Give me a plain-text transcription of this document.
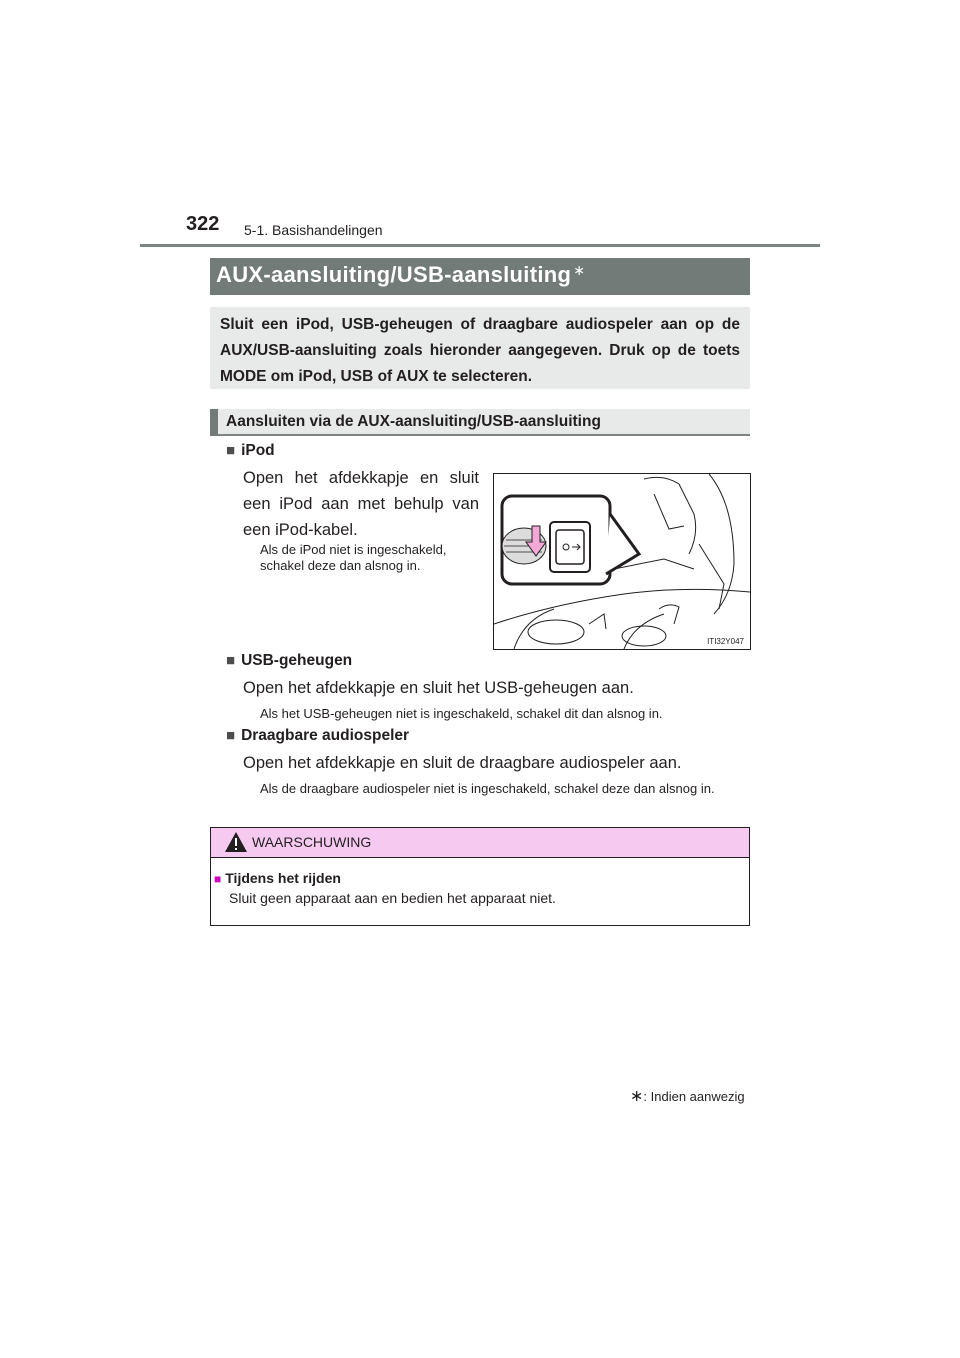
322 5-1. Basishandelingen
AUX-aansluiting/USB-aansluiting ∗
Sluit een iPod, USB-geheugen of draagbare audiospeler aan op de AUX/USB-aansluiting zoals hieronder aangegeven. Druk op de toets MODE om iPod, USB of AUX te selecteren.
Aansluiten via de AUX-aansluiting/USB-aansluiting
■ iPod
Open het afdekkapje en sluit een iPod aan met behulp van een iPod-kabel.
Als de iPod niet is ingeschakeld, schakel deze dan alsnog in.
ITI32Y047
■ USB-geheugen
Open het afdekkapje en sluit het USB-geheugen aan.
Als het USB-geheugen niet is ingeschakeld, schakel dit dan alsnog in.
■ Draagbare audiospeler
Open het afdekkapje en sluit de draagbare audiospeler aan.
Als de draagbare audiospeler niet is ingeschakeld, schakel deze dan alsnog in.
WAARSCHUWING
■ Tijdens het rijden
Sluit geen apparaat aan en bedien het apparaat niet.
∗: Indien aanwezig
